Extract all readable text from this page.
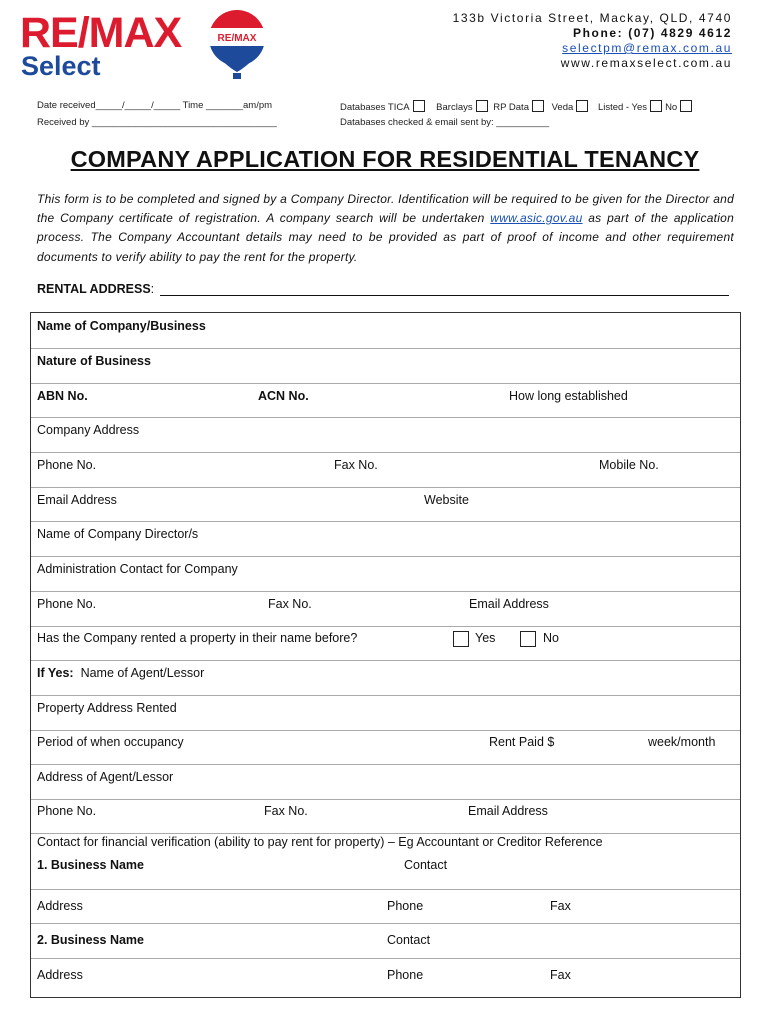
RE/MAX
Select
RE/MAX
133b Victoria Street, Mackay, QLD, 4740
Phone: (07) 4829 4612
selectpm@remax.com.au
www.remaxselect.com.au
Date received_____/_____/_____ Time _______am/pm
Received by ___________________________________
Databases TICA	Barclays RP Data Veda	Listed - Yes No
Databases checked & email sent by: __________
COMPANY APPLICATION FOR RESIDENTIAL TENANCY
This form is to be completed and signed by a Company Director. Identification will be required to be given for the Director and the Company certificate of registration. A company search will be undertaken www.asic.gov.au as part of the application process. The Company Accountant details may need to be provided as part of proof of income and other requirement documents to verify ability to pay the rent for the property.
RENTAL ADDRESS:
Name of Company/Business
Nature of Business
ABN No.	ACN No.	How long established
Company Address
Phone No.	Fax No.	Mobile No.
Email Address	Website
Name of Company Director/s
Administration Contact for Company
Phone No.	Fax No.	Email Address
Has the Company rented a property in their name before?	Yes	No
If Yes: Name of Agent/Lessor
Property Address Rented
Period of when occupancy	Rent Paid $	week/month
Address of Agent/Lessor
Phone No.	Fax No.	Email Address
Contact for financial verification (ability to pay rent for property) – Eg Accountant or Creditor Reference
1. Business Name	Contact
Address	Phone	Fax
2. Business Name	Contact
Address	Phone	Fax
